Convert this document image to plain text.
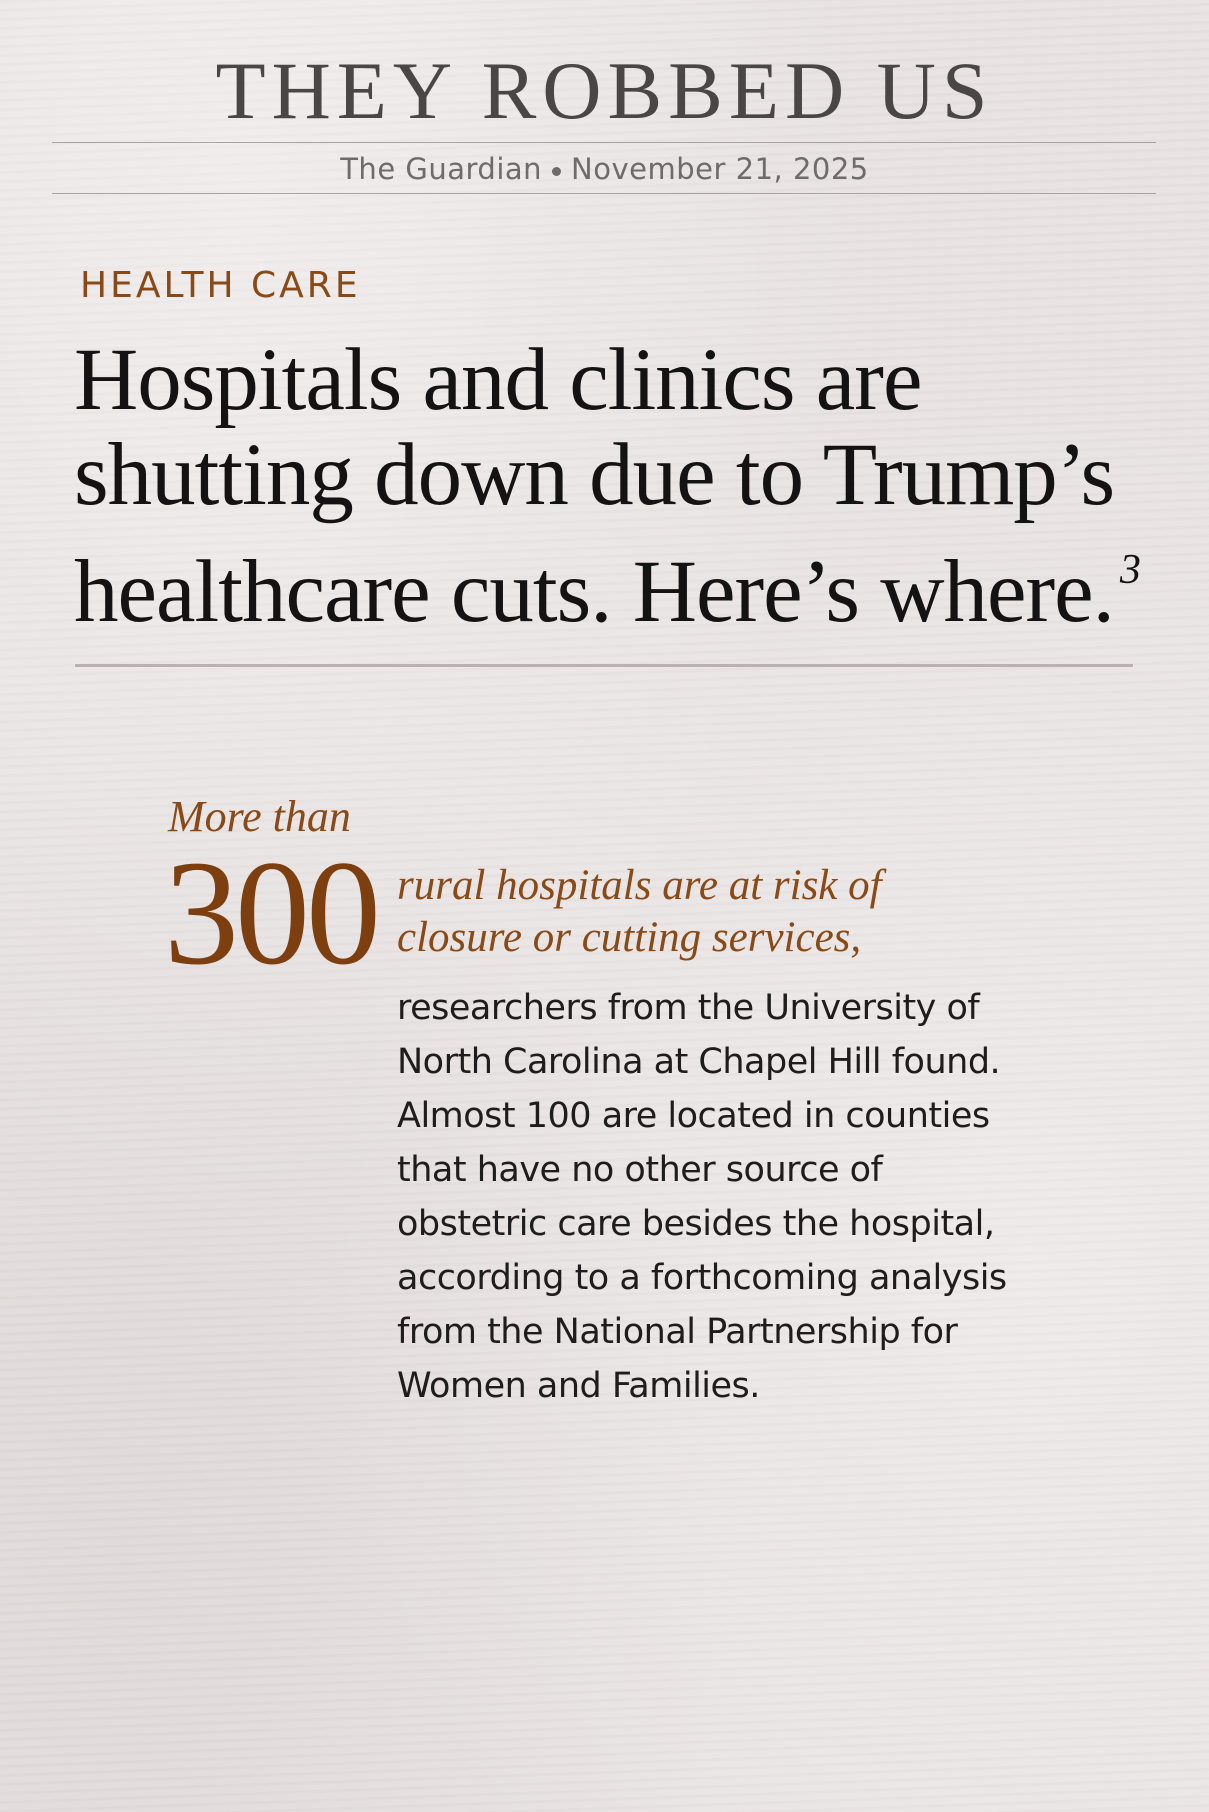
THEY ROBBED US
The Guardian November 21, 2025
HEALTH CARE
Hospitals and clinics are
shutting down due to Trump’s
healthcare cuts. Here’s where. $^3$
More than
300 rural hospitals are at risk of
closure or cutting services,
researchers from the University of
North Carolina at Chapel Hill found.
Almost 100 are located in counties
that have no other source of
obstetric care besides the hospital,
according to a forthcoming analysis
from the National Partnership for
Women and Families.
